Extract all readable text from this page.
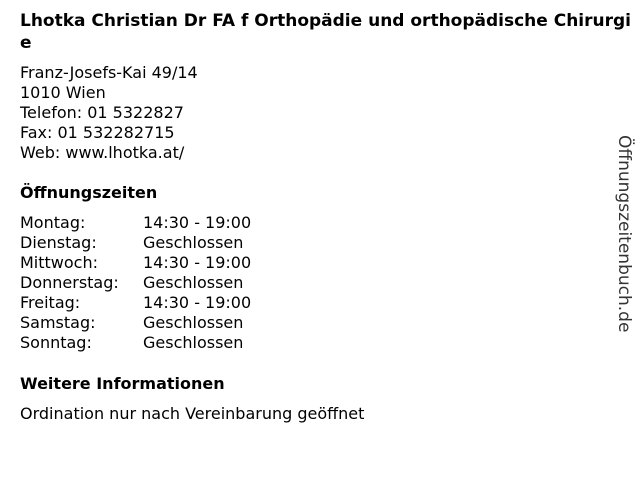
Lhotka Christian Dr FA f Orthopädie und orthopädische Chirurgie
Franz-Josefs-Kai 49/14
1010 Wien
Telefon: 01 5322827
Fax: 01 532282715
Web: www.lhotka.at/
Öffnungszeiten
Montag:	14:30 - 19:00
Dienstag:	Geschlossen
Mittwoch:	14:30 - 19:00
Donnerstag: Geschlossen
Freitag:	14:30 - 19:00
Samstag:	Geschlossen
Sonntag:	Geschlossen
Weitere Informationen
Ordination nur nach Vereinbarung geöffnet
Öffnungszeitenbuch.de
